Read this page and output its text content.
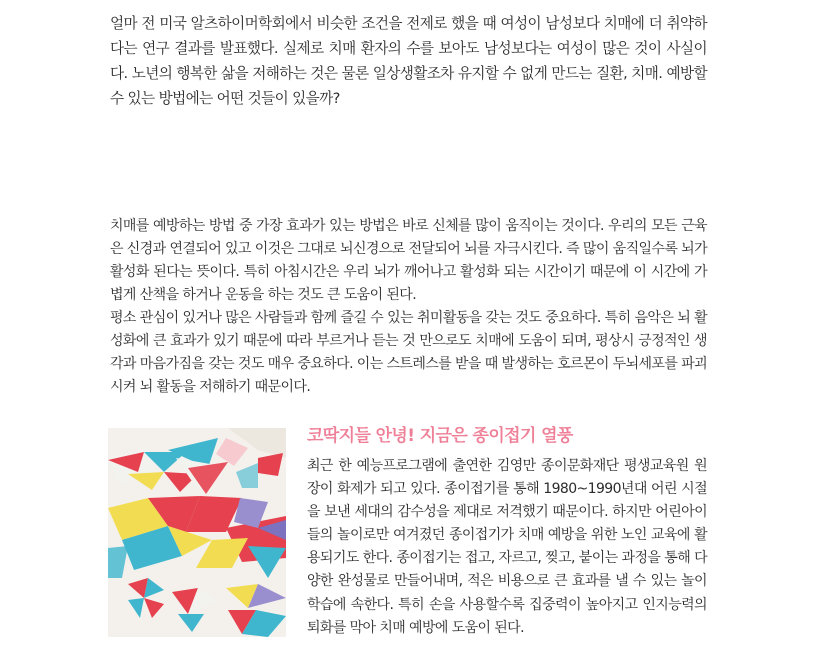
얼마 전 미국 알츠하이머학회에서 비슷한 조건을 전제로 했을 때 여성이 남성보다 치매에 더 취약하다는 연구 결과를 발표했다. 실제로 치매 환자의 수를 보아도 남성보다는 여성이 많은 것이 사실이다. 노년의 행복한 삶을 저해하는 것은 물론 일상생활조차 유지할 수 없게 만드는 질환, 치매. 예방할 수 있는 방법에는 어떤 것들이 있을까?

치매를 예방하는 방법 중 가장 효과가 있는 방법은 바로 신체를 많이 움직이는 것이다. 우리의 모든 근육은 신경과 연결되어 있고 이것은 그대로 뇌신경으로 전달되어 뇌를 자극시킨다. 즉 많이 움직일수록 뇌가 활성화 된다는 뜻이다. 특히 아침시간은 우리 뇌가 깨어나고 활성화 되는 시간이기 때문에 이 시간에 가볍게 산책을 하거나 운동을 하는 것도 큰 도움이 된다.

평소 관심이 있거나 많은 사람들과 함께 즐길 수 있는 취미활동을 갖는 것도 중요하다. 특히 음악은 뇌 활성화에 큰 효과가 있기 때문에 따라 부르거나 듣는 것 만으로도 치매에 도움이 되며, 평상시 긍정적인 생각과 마음가짐을 갖는 것도 매우 중요하다. 이는 스트레스를 받을 때 발생하는 호르몬이 두뇌세포를 파괴 시켜 뇌 활동을 저해하기 때문이다.

코딱지들 안녕! 지금은 종이접기 열풍

최근 한 예능프로그램에 출연한 김영만 종이문화재단 평생교육원 원장이 화제가 되고 있다. 종이접기를 통해 1980~1990년대 어린 시절을 보낸 세대의 감수성을 제대로 저격했기 때문이다. 하지만 어린아이들의 놀이로만 여겨졌던 종이접기가 치매 예방을 위한 노인 교육에 활용되기도 한다. 종이접기는 접고, 자르고, 찢고, 붙이는 과정을 통해 다양한 완성물로 만들어내며, 적은 비용으로 큰 효과를 낼 수 있는 놀이학습에 속한다. 특히 손을 사용할수록 집중력이 높아지고 인지능력의 퇴화를 막아 치매 예방에 도움이 된다.
